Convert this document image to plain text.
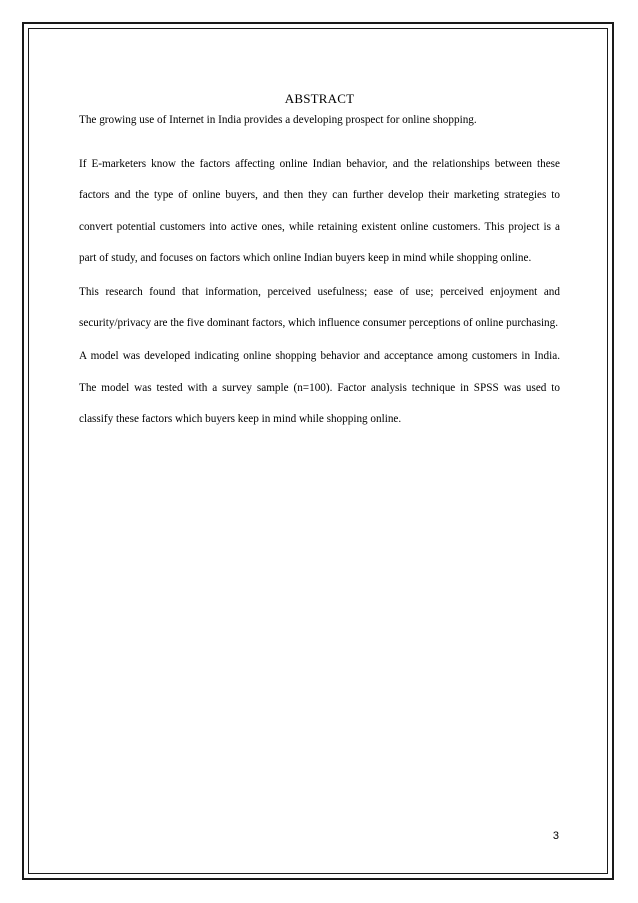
ABSTRACT

The growing use of Internet in India provides a developing prospect for online shopping.

If E-marketers know the factors affecting online Indian behavior, and the relationships between these factors and the type of online buyers, and then they can further develop their marketing strategies to convert potential customers into active ones, while retaining existent online customers. This project is a part of study, and focuses on factors which online Indian buyers keep in mind while shopping online.

This research found that information, perceived usefulness; ease of use; perceived enjoyment and security/privacy are the five dominant factors, which influence consumer perceptions of online purchasing.

A model was developed indicating online shopping behavior and acceptance among customers in India. The model was tested with a survey sample (n=100). Factor analysis technique in SPSS was used to classify these factors which buyers keep in mind while shopping online.

3
